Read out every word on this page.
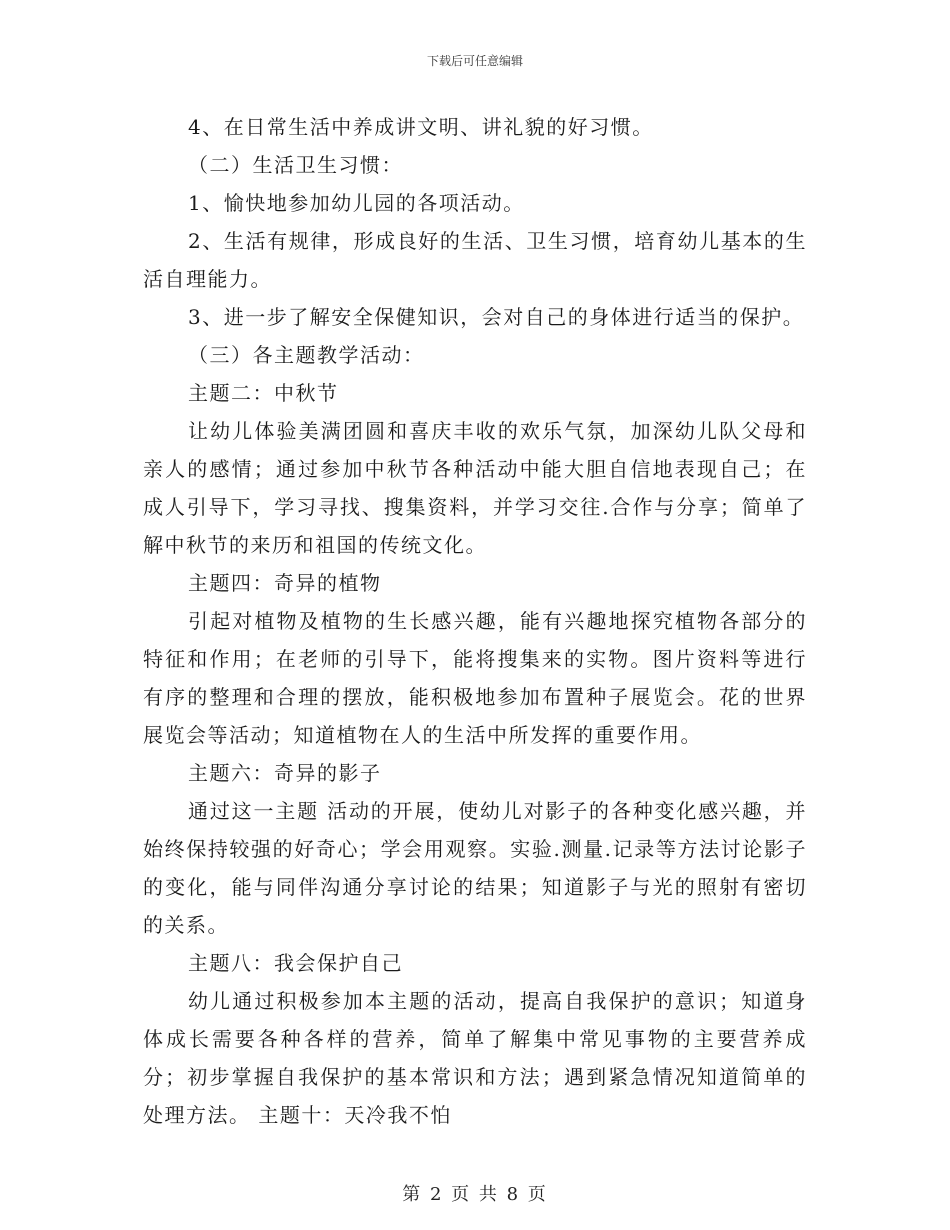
下载后可任意编辑

4、在日常生活中养成讲文明、讲礼貌的好习惯。

（二）生活卫生习惯：

1、愉快地参加幼儿园的各项活动。

2、生活有规律，形成良好的生活、卫生习惯，培育幼儿基本的生活自理能力。

3、进一步了解安全保健知识，会对自己的身体进行适当的保护。

（三）各主题教学活动：

主题二：中秋节

让幼儿体验美满团圆和喜庆丰收的欢乐气氛，加深幼儿队父母和亲人的感情；通过参加中秋节各种活动中能大胆自信地表现自己；在成人引导下，学习寻找、搜集资料，并学习交往.合作与分享；简单了解中秋节的来历和祖国的传统文化。

主题四：奇异的植物

引起对植物及植物的生长感兴趣，能有兴趣地探究植物各部分的特征和作用；在老师的引导下，能将搜集来的实物。图片资料等进行有序的整理和合理的摆放，能积极地参加布置种子展览会。花的世界展览会等活动；知道植物在人的生活中所发挥的重要作用。

主题六：奇异的影子

通过这一主题 活动的开展，使幼儿对影子的各种变化感兴趣，并始终保持较强的好奇心；学会用观察。实验.测量.记录等方法讨论影子的变化，能与同伴沟通分享讨论的结果；知道影子与光的照射有密切的关系。

主题八：我会保护自己

幼儿通过积极参加本主题的活动，提高自我保护的意识；知道身体成长需要各种各样的营养，简单了解集中常见事物的主要营养成分；初步掌握自我保护的基本常识和方法；遇到紧急情况知道简单的处理方法。 主题十：天冷我不怕

第 2 页 共 8 页
